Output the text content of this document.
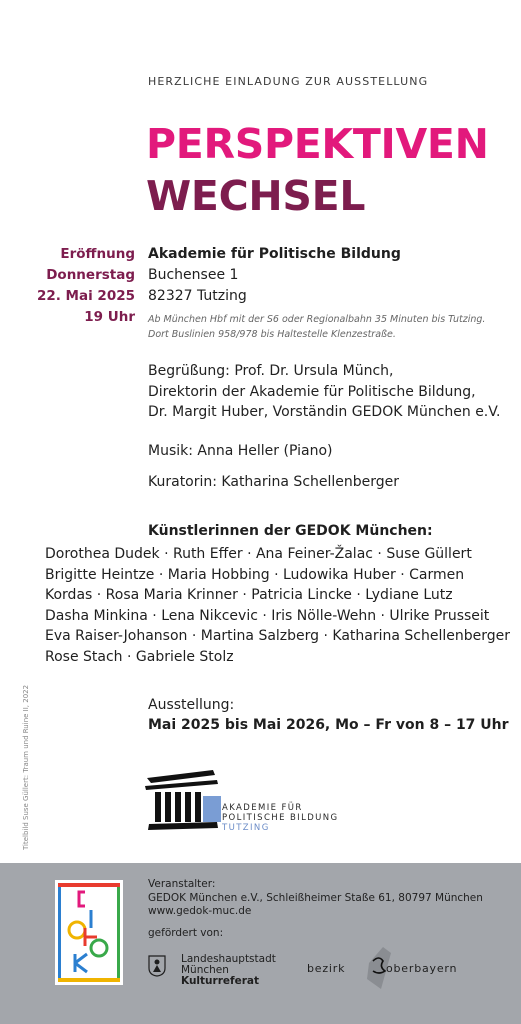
HERZLICHE EINLADUNG ZUR AUSSTELLUNG
PERSPEKTIVEN
WECHSEL
Eröffnung
Donnerstag
22. Mai 2025
19 Uhr
Akademie für Politische Bildung
Buchensee 1
82327 Tutzing
Ab München Hbf mit der S6 oder Regionalbahn 35 Minuten bis Tutzing. Dort Buslinien 958/978 bis Haltestelle Klenzestraße.
Begrüßung: Prof. Dr. Ursula Münch,
Direktorin der Akademie für Politische Bildung,
Dr. Margit Huber, Vorständin GEDOK München e.V.
Musik: Anna Heller (Piano)
Kuratorin: Katharina Schellenberger
Künstlerinnen der GEDOK München:
Dorothea Dudek · Ruth Effer · Ana Feiner-Žalac · Suse Güllert
Brigitte Heintze · Maria Hobbing · Ludowika Huber · Carmen
Kordas · Rosa Maria Krinner · Patricia Lincke · Lydiane Lutz
Dasha Minkina · Lena Nikcevic · Iris Nölle-Wehn · Ulrike Prusseit
Eva Raiser-Johanson · Martina Salzberg · Katharina Schellenberger
Rose Stach · Gabriele Stolz
Ausstellung:
Mai 2025 bis Mai 2026, Mo – Fr von 8 – 17 Uhr
Titelbild Suse Güllert: Traum und Ruine II, 2022	AKADEMIE FÜR
POLITISCHE BILDUNG
TUTZING
Veranstalter:
GEDOK München e.V., Schleißheimer Staße 61, 80797 München
www.gedok-muc.de
gefördert von:
Landeshauptstadt
München
Kulturreferat
bezirk	oberbayern
